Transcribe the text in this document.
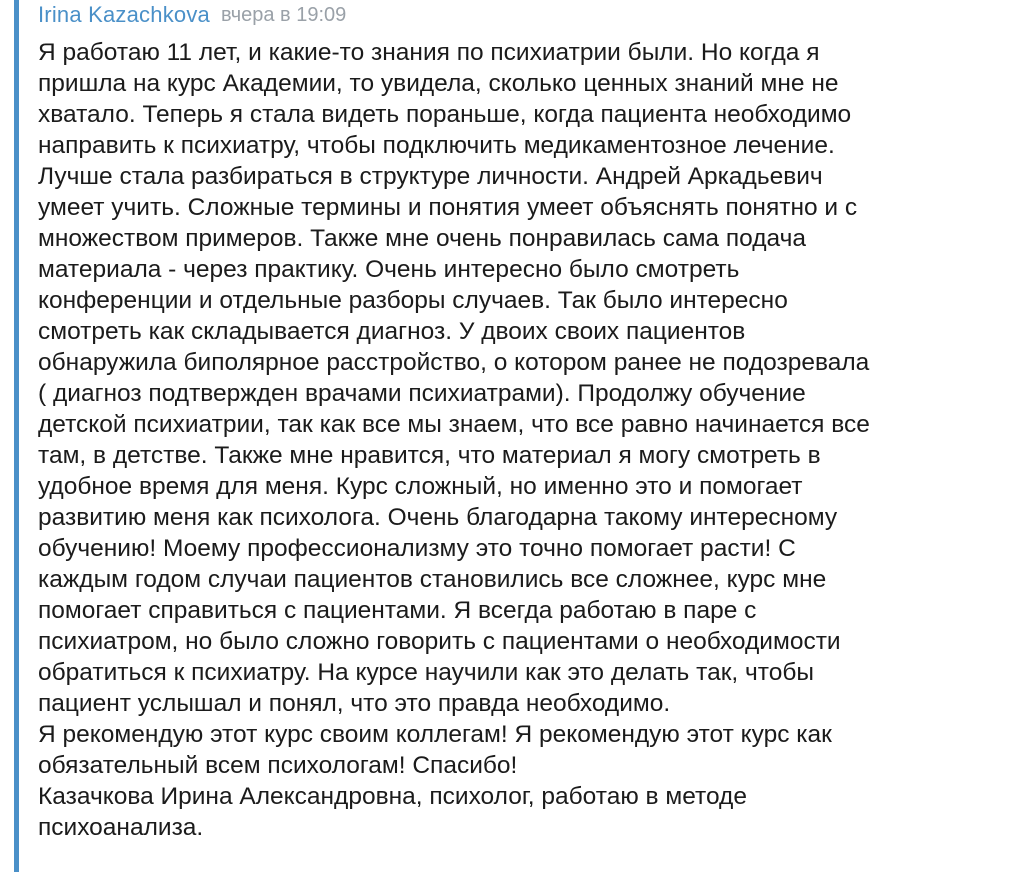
Irina Kazachkova вчера в 19:09
Я работаю 11 лет, и какие-то знания по психиатрии были. Но когда я
пришла на курс Академии, то увидела, сколько ценных знаний мне не
хватало. Теперь я стала видеть пораньше, когда пациента необходимо
направить к психиатру, чтобы подключить медикаментозное лечение.
Лучше стала разбираться в структуре личности. Андрей Аркадьевич
умеет учить. Сложные термины и понятия умеет объяснять понятно и с
множеством примеров. Также мне очень понравилась сама подача
материала - через практику. Очень интересно было смотреть
конференции и отдельные разборы случаев. Так было интересно
смотреть как складывается диагноз. У двоих своих пациентов
обнаружила биполярное расстройство, о котором ранее не подозревала
( диагноз подтвержден врачами психиатрами). Продолжу обучение
детской психиатрии, так как все мы знаем, что все равно начинается все
там, в детстве. Также мне нравится, что материал я могу смотреть в
удобное время для меня. Курс сложный, но именно это и помогает
развитию меня как психолога. Очень благодарна такому интересному
обучению! Моему профессионализму это точно помогает расти! С
каждым годом случаи пациентов становились все сложнее, курс мне
помогает справиться с пациентами. Я всегда работаю в паре с
психиатром, но было сложно говорить с пациентами о необходимости
обратиться к психиатру. На курсе научили как это делать так, чтобы
пациент услышал и понял, что это правда необходимо.
Я рекомендую этот курс своим коллегам! Я рекомендую этот курс как
обязательный всем психологам! Спасибо!
Казачкова Ирина Александровна, психолог, работаю в методе
психоанализа.
